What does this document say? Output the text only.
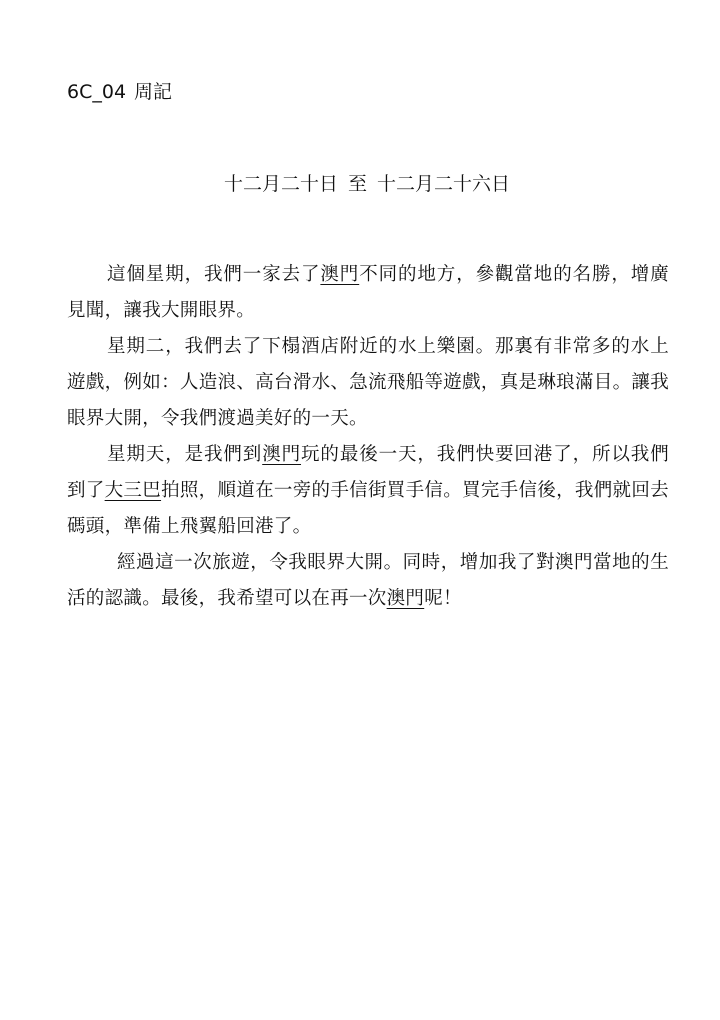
6C_04 周記
十二月二十日 至 十二月二十六日

這個星期，我們一家去了澳門不同的地方，參觀當地的名勝，增廣見聞，讓我大開眼界。

星期二，我們去了下榻酒店附近的水上樂園。那裏有非常多的水上遊戲，例如：人造浪、高台滑水、急流飛船等遊戲，真是琳琅滿目。讓我眼界大開，令我們渡過美好的一天。

星期天，是我們到澳門玩的最後一天，我們快要回港了，所以我們到了大三巴拍照，順道在一旁的手信街買手信。買完手信後，我們就回去碼頭，準備上飛翼船回港了。

經過這一次旅遊，令我眼界大開。同時，增加我了對澳門當地的生活的認識。最後，我希望可以在再一次澳門呢！
